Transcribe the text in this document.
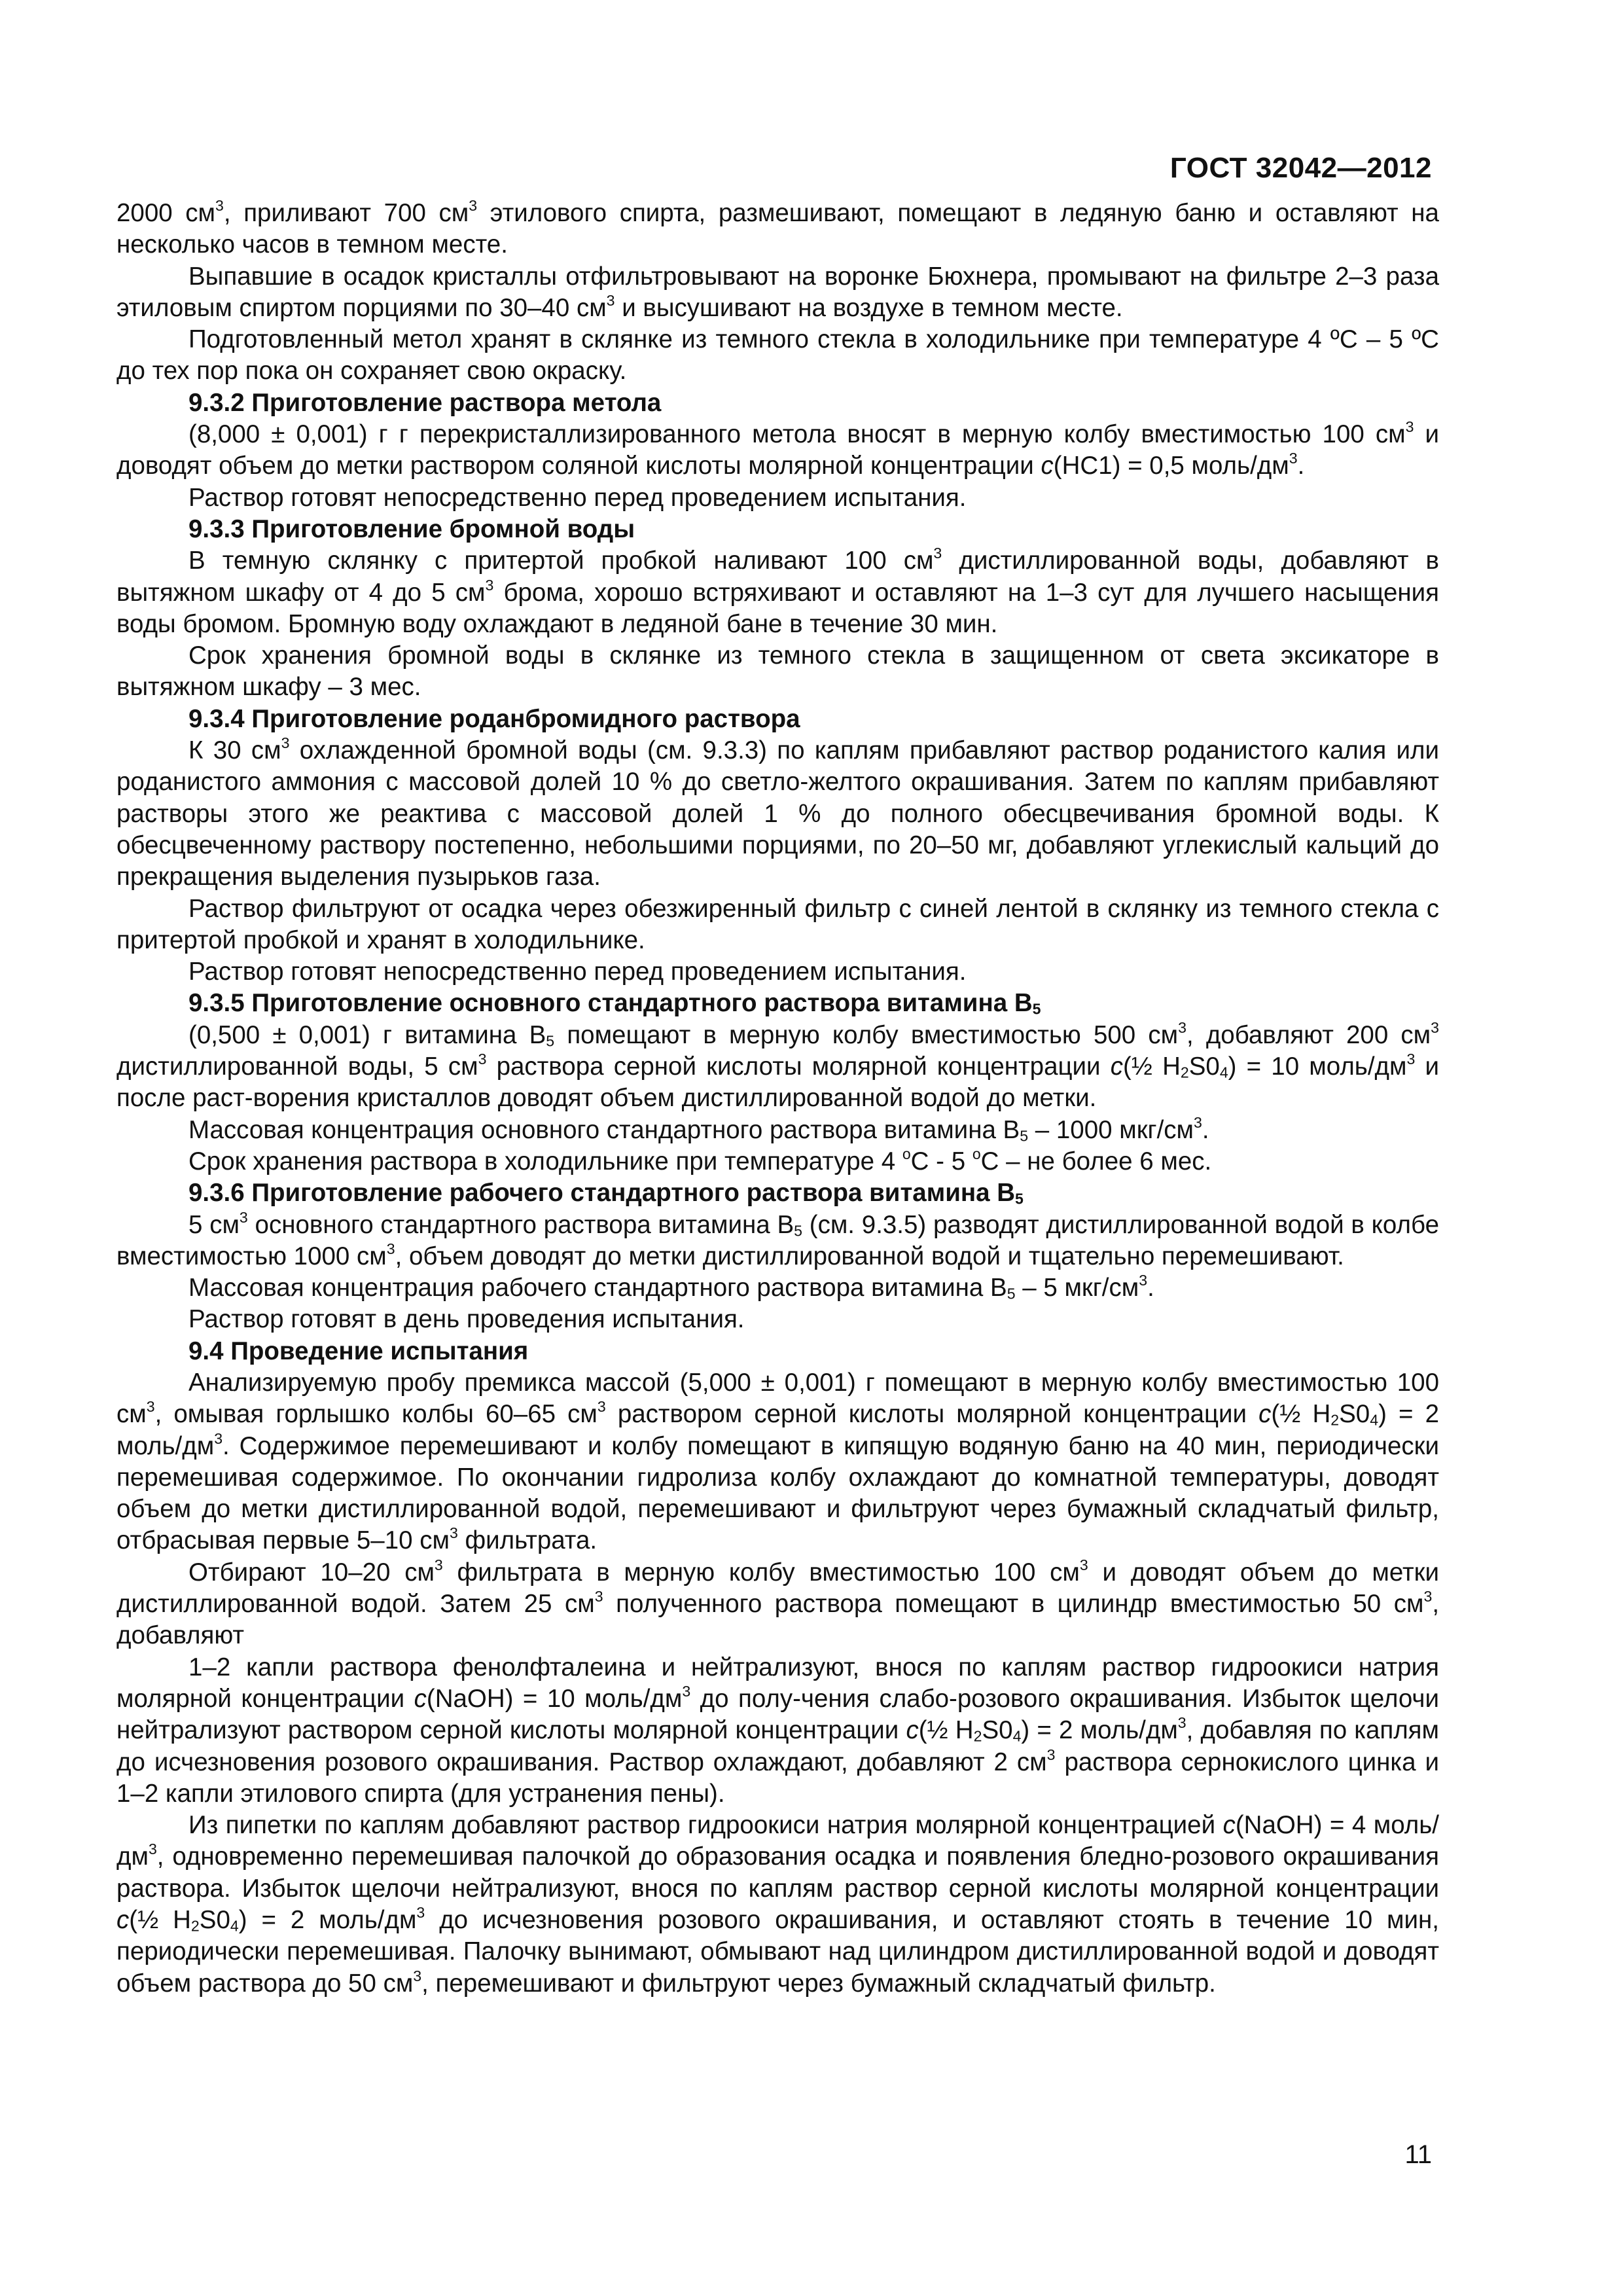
ГОСТ 32042—2012

2000 $см^3$, приливают 700 $см^3$ этилового спирта, размешивают, помещают в ледяную баню и оставляют на несколько часов в темном месте.

Выпавшие в осадок кристаллы отфильтровывают на воронке Бюхнера, промывают на фильтре 2–3 раза этиловым спиртом порциями по 30–40 $см^3$ и высушивают на воздухе в темном месте.

Подготовленный метол хранят в склянке из темного стекла в холодильнике при температуре 4 ºС – 5 ºС до тех пор пока он сохраняет свою окраску.

9.3.2 Приготовление раствора метола

(8,000 ± 0,001) г г перекристаллизированного метола вносят в мерную колбу вместимостью 100 $см^3$ и доводят объем до метки раствором соляной кислоты молярной концентрации с(НС1) = 0,5 моль/$дм^3$.

Раствор готовят непосредственно перед проведением испытания.

9.3.3 Приготовление бромной воды

В темную склянку с притертой пробкой наливают 100 $см^3$ дистиллированной воды, добавляют в вытяжном шкафу от 4 до 5 $см^3$ брома, хорошо встряхивают и оставляют на 1–3 сут для лучшего насыщения воды бромом. Бромную воду охлаждают в ледяной бане в течение 30 мин.

Срок хранения бромной воды в склянке из темного стекла в защищенном от света эксикаторе в вытяжном шкафу – 3 мес.

9.3.4 Приготовление роданбромидного раствора

К 30 $см^3$ охлажденной бромной воды (см. 9.3.3) по каплям прибавляют раствор роданистого калия или роданистого аммония с массовой долей 10 % до светло-желтого окрашивания. Затем по каплям прибавляют растворы этого же реактива с массовой долей 1 % до полного обесцвечивания бромной воды. К обесцвеченному раствору постепенно, небольшими порциями, по 20–50 мг, добавляют углекислый кальций до прекращения выделения пузырьков газа.

Раствор фильтруют от осадка через обезжиренный фильтр с синей лентой в склянку из темного стекла с притертой пробкой и хранят в холодильнике.

Раствор готовят непосредственно перед проведением испытания.

9.3.5 Приготовление основного стандартного раствора витамина $В_5$

(0,500 ± 0,001) г витамина $В_5$ помещают в мерную колбу вместимостью 500 $см^3$, добавляют 200 $см^3$ дистиллированной воды, 5 $см^3$ раствора серной кислоты молярной концентрации с(½ $Н_2S0_4) = 10$ моль/$дм^3$ и после раст-ворения кристаллов доводят объем дистиллированной водой до метки.

Массовая концентрация основного стандартного раствора витамина $В_5 - 1000$ мкг/$см^3$.

Срок хранения раствора в холодильнике при температуре 4 $^о$С - 5 $^о$С – не более 6 мес.

9.3.6 Приготовление рабочего стандартного раствора витамина $В_5$

5 $см^3$ основного стандартного раствора витамина $В_5$ (см. 9.3.5) разводят дистиллированной водой в колбе вместимостью 1000 $см^3$, объем доводят до метки дистиллированной водой и тщательно перемешивают.

Массовая концентрация рабочего стандартного раствора витамина $В_5 - 5$ мкг/$см^3$.

Раствор готовят в день проведения испытания.

9.4 Проведение испытания

Анализируемую пробу премикса массой (5,000 ± 0,001) г помещают в мерную колбу вместимостью 100 $см^3$, омывая горлышко колбы 60–65 $см^3$ раствором серной кислоты молярной концентрации с(½ $Н_2S0_4) = 2$ моль/$дм^3$. Содержимое перемешивают и колбу помещают в кипящую водяную баню на 40 мин, периодически перемешивая содержимое. По окончании гидролиза колбу охлаждают до комнатной температуры, доводят объем до метки дистиллированной водой, перемешивают и фильтруют через бумажный складчатый фильтр, отбрасывая первые 5–10 $см^3$ фильтрата.

Отбирают 10–20 $см^3$ фильтрата в мерную колбу вместимостью 100 $см^3$ и доводят объем до метки дистиллированной водой. Затем 25 $см^3$ полученного раствора помещают в цилиндр вместимостью 50 $см^3$, добавляют

1–2 капли раствора фенолфталеина и нейтрализуют, внося по каплям раствор гидроокиси натрия молярной концентрации с(NaOH) = 10 моль/$дм^3$ до полу-чения слабо-розового окрашивания. Избыток щелочи нейтрализуют раствором серной кислоты молярной концентрации с(½ $Н_2S0_4) = 2$ моль/$дм^3$, добавляя по каплям до исчезновения розового окрашивания. Раствор охлаждают, добавляют 2 $см^3$ раствора сернокислого цинка и 1–2 капли этилового спирта (для устранения пены).

Из пипетки по каплям добавляют раствор гидроокиси натрия молярной концентрацией с(NaOH) = 4 моль/$дм^3$, одновременно перемешивая палочкой до образования осадка и появления бледно-розового окрашивания раствора. Избыток щелочи нейтрализуют, внося по каплям раствор серной кислоты молярной концентрации с(½ $Н_2S0_4) = 2$ моль/$дм^3$ до исчезновения розового окрашивания, и оставляют стоять в течение 10 мин, периодически перемешивая. Палочку вынимают, обмывают над цилиндром дистиллированной водой и доводят объем раствора до 50 $см^3$, перемешивают и фильтруют через бумажный складчатый фильтр.

11
